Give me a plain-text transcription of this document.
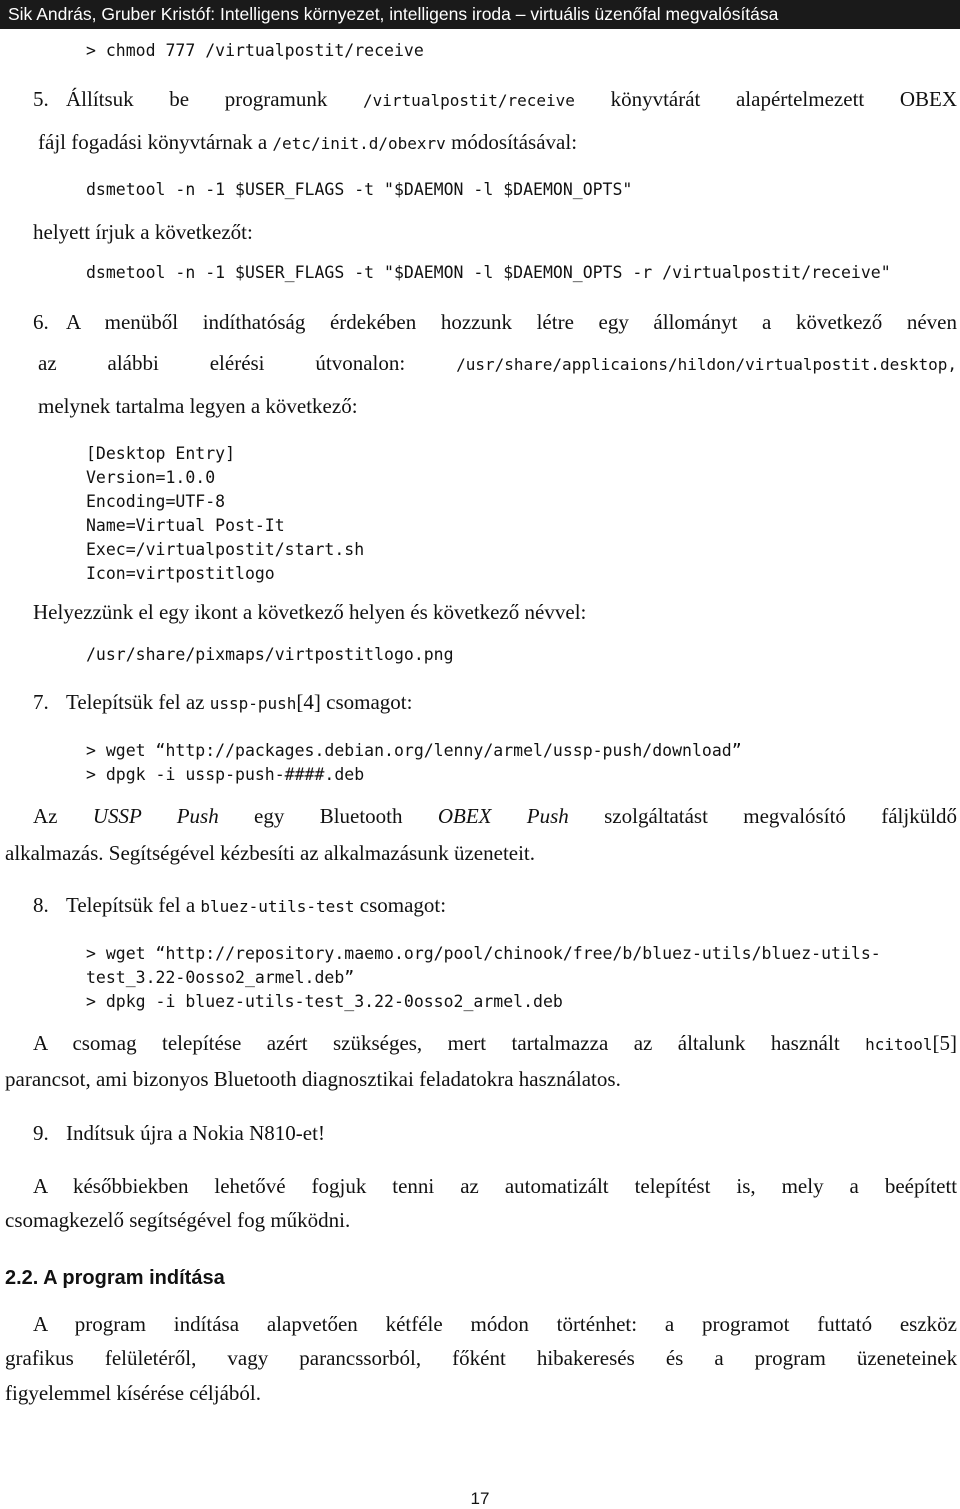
Sik András, Gruber Kristóf: Intelligens környezet, intelligens iroda – virtuális üzenőfal megvalósítása
> chmod 777 /virtualpostit/receive
5. Állítsuk be programunk /virtualpostit/receive könyvtárát alapértelmezett OBEX
fájl fogadási könyvtárnak a /etc/init.d/obexrv módosításával:
dsmetool -n -1 $USER_FLAGS -t "$DAEMON -l $DAEMON_OPTS"
helyett írjuk a következőt:
dsmetool -n -1 $USER_FLAGS -t "$DAEMON -l $DAEMON_OPTS -r /virtualpostit/receive"
6. A menüből indíthatóság érdekében hozzunk létre egy állományt a következő néven
az alábbi elérési útvonalon:	/usr/share/applicaions/hildon/virtualpostit.desktop,
melynek tartalma legyen a következő:
[Desktop Entry]
Version=1.0.0
Encoding=UTF-8
Name=Virtual Post-It
Exec=/virtualpostit/start.sh
Icon=virtpostitlogo
Helyezzünk el egy ikont a következő helyen és következő névvel:
/usr/share/pixmaps/virtpostitlogo.png
7. Telepítsük fel az ussp-push[4] csomagot:
> wget “http://packages.debian.org/lenny/armel/ussp-push/download”
> dpgk -i ussp-push-####.deb
Az USSP Push egy Bluetooth OBEX Push szolgáltatást megvalósító fáljküldő
alkalmazás. Segítségével kézbesíti az alkalmazásunk üzeneteit.
8. Telepítsük fel a bluez-utils-test csomagot:
> wget “http://repository.maemo.org/pool/chinook/free/b/bluez-utils/bluez-utils-
test_3.22-0osso2_armel.deb”
> dpkg -i bluez-utils-test_3.22-0osso2_armel.deb
A csomag telepítése azért szükséges, mert tartalmazza az általunk használt hcitool[5]
parancsot, ami bizonyos Bluetooth diagnosztikai feladatokra használatos.
9. Indítsuk újra a Nokia N810-et!
A későbbiekben lehetővé fogjuk tenni az automatizált telepítést is, mely a beépített
csomagkezelő segítségével fog működni.
2.2. A program indítása
A program indítása alapvetően kétféle módon történhet: a programot futtató eszköz
grafikus felületéről, vagy parancssorból, főként hibakeresés és a program üzeneteinek
figyelemmel kísérése céljából.
17
